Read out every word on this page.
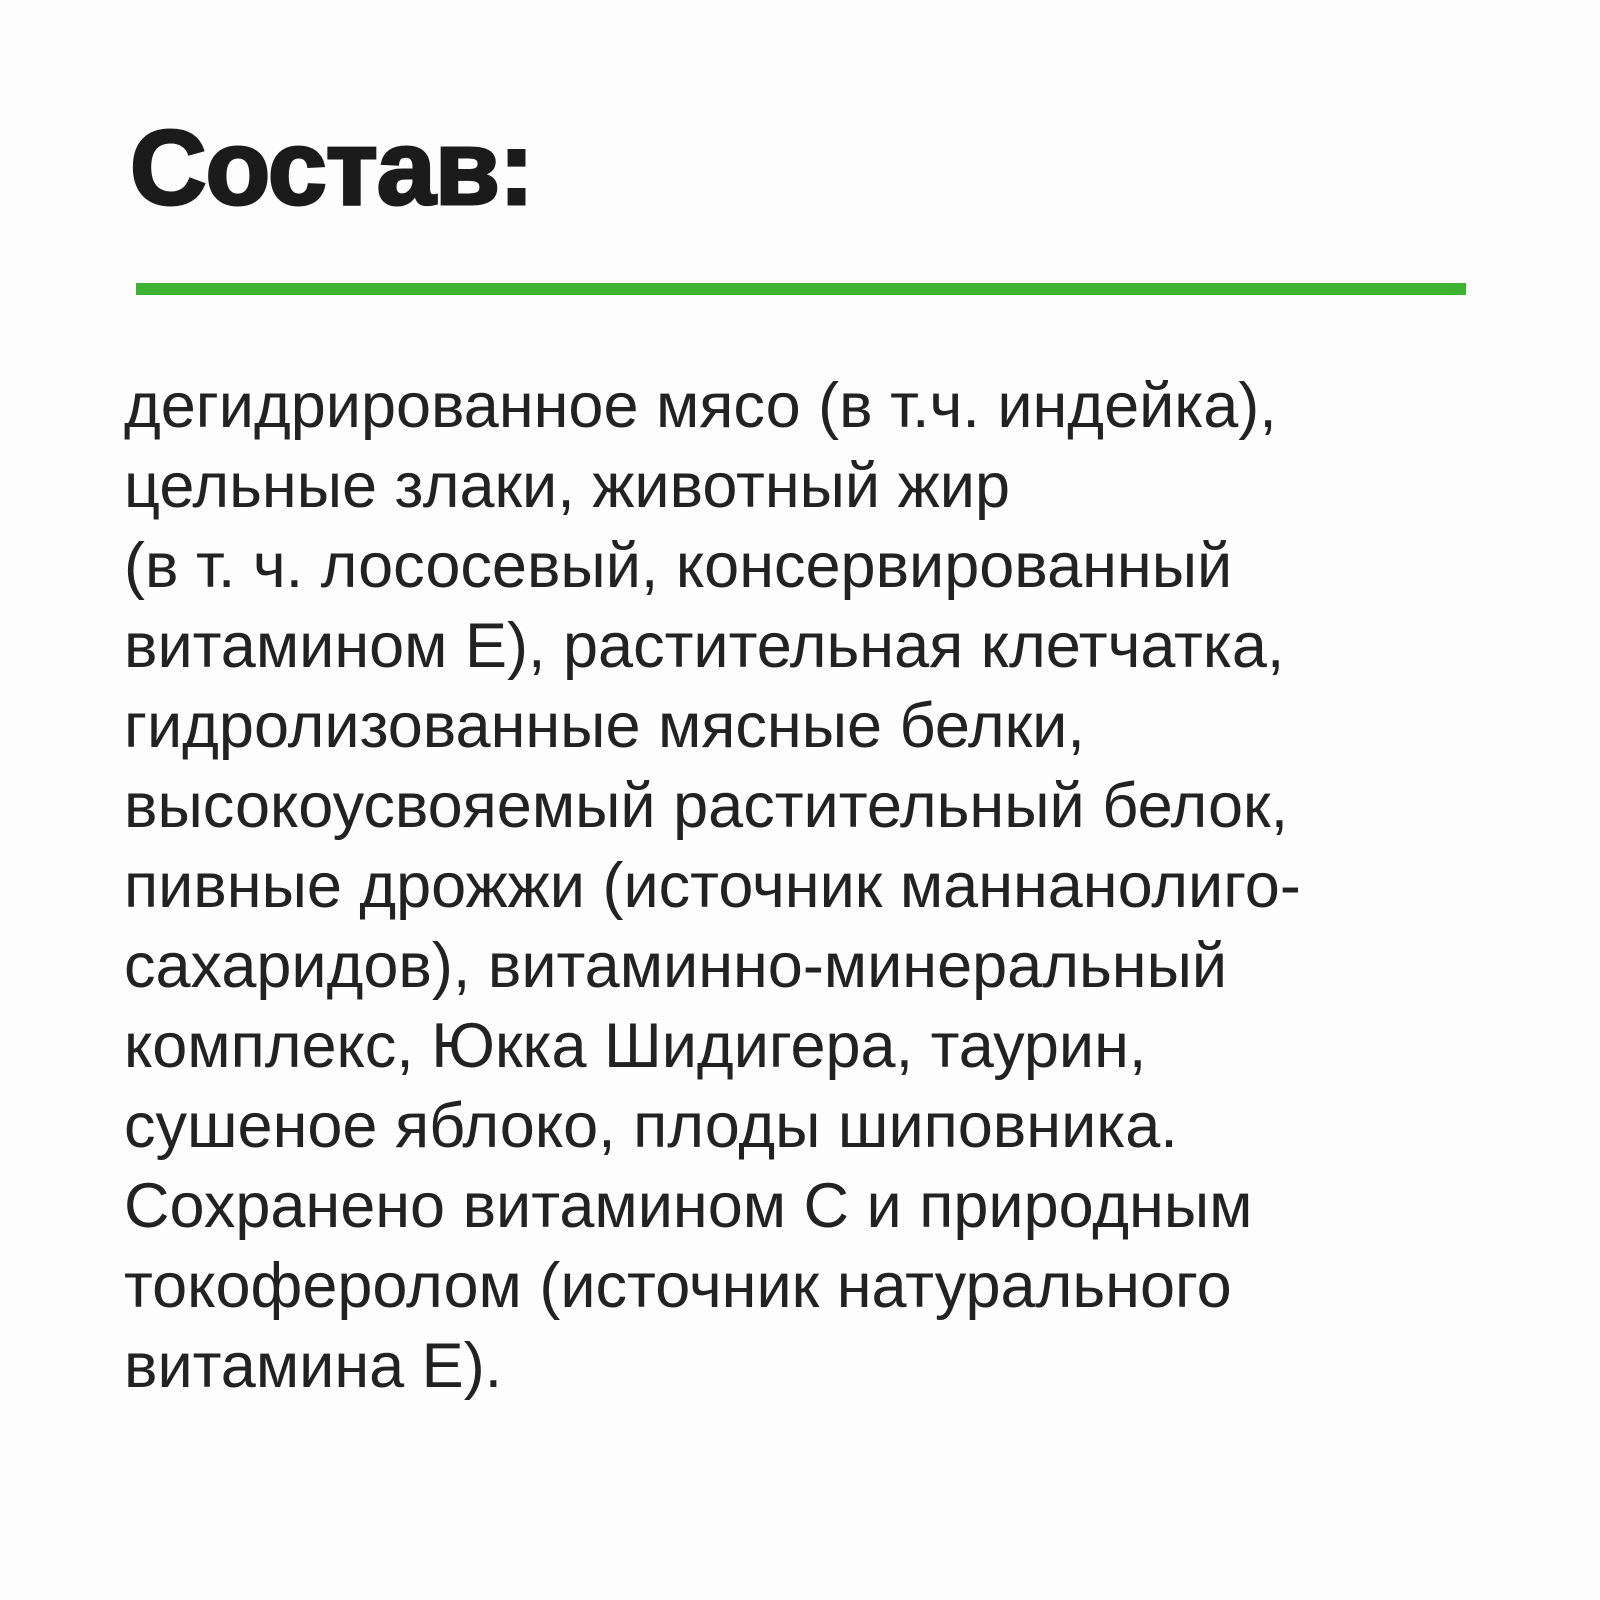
Состав:

дегидрированное мясо (в т.ч. индейка),
цельные злаки, животный жир
(в т. ч. лососевый, консервированный
витамином Е), растительная клетчатка,
гидролизованные мясные белки,
высокоусвояемый растительный белок,
пивные дрожжи (источник маннанолиго-
сахаридов), витаминно-минеральный
комплекс, Юкка Шидигера, таурин,
сушеное яблоко, плоды шиповника.
Сохранено витамином С и природным
токоферолом (источник натурального
витамина Е).
